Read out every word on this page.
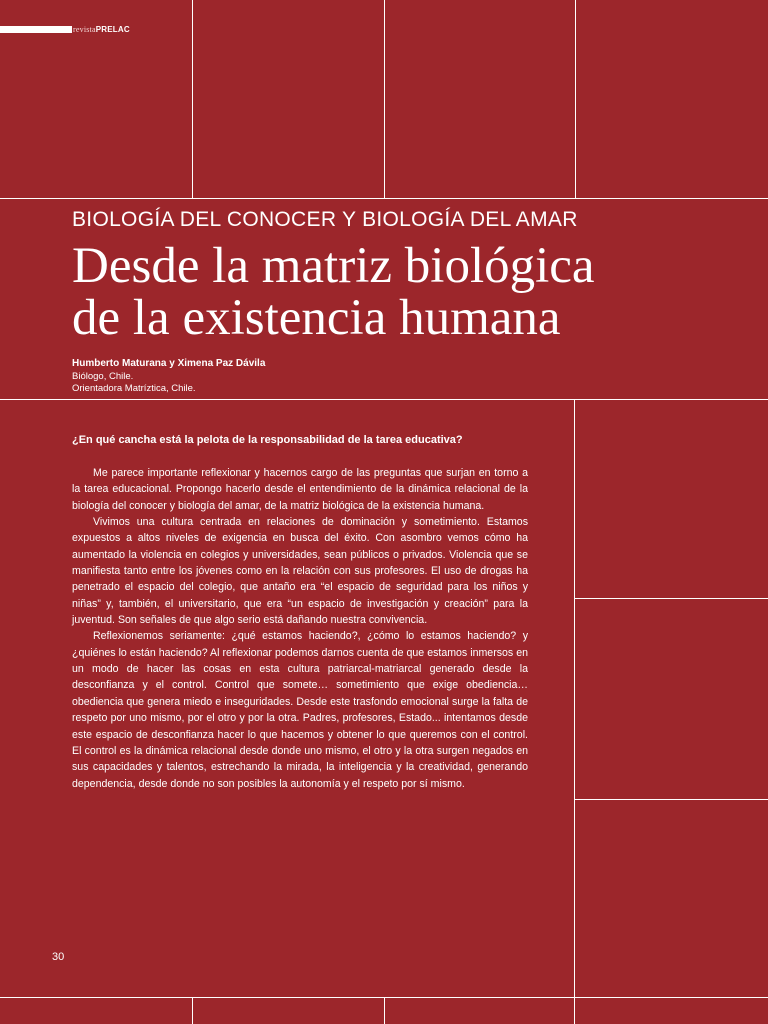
revistaPRELAC
BIOLOGÍA DEL CONOCER Y BIOLOGÍA DEL AMAR
Desde la matriz biológica
de la existencia humana
Humberto Maturana y Ximena Paz Dávila
Biólogo, Chile.
Orientadora Matríztica, Chile.
¿En qué cancha está la pelota de la responsabilidad de la tarea educativa?

Me parece importante reflexionar y hacernos cargo de las preguntas que surjan en torno a la tarea educacional. Propongo hacerlo desde el entendimiento de la dinámica relacional de la biología del conocer y biología del amar, de la matriz biológica de la existencia humana.

Vivimos una cultura centrada en relaciones de dominación y sometimiento. Estamos expuestos a altos niveles de exigencia en busca del éxito. Con asombro vemos cómo ha aumentado la violencia en colegios y universidades, sean públicos o privados. Violencia que se manifiesta tanto entre los jóvenes como en la relación con sus profesores. El uso de drogas ha penetrado el espacio del colegio, que antaño era “el espacio de seguridad para los niños y niñas” y, también, el universitario, que era “un espacio de investigación y creación” para la juventud. Son señales de que algo serio está dañando nuestra convivencia.

Reflexionemos seriamente: ¿qué estamos haciendo?, ¿cómo lo estamos haciendo? y ¿quiénes lo están haciendo? Al reflexionar podemos darnos cuenta de que estamos inmersos en un modo de hacer las cosas en esta cultura patriarcal-matriarcal generado desde la desconfianza y el control. Control que somete… sometimiento que exige obediencia… obediencia que genera miedo e inseguridades. Desde este trasfondo emocional surge la falta de respeto por uno mismo, por el otro y por la otra. Padres, profesores, Estado... intentamos desde este espacio de desconfianza hacer lo que hacemos y obtener lo que queremos con el control. El control es la dinámica relacional desde donde uno mismo, el otro y la otra surgen negados en sus capacidades y talentos, estrechando la mirada, la inteligencia y la creatividad, generando dependencia, desde donde no son posibles la autonomía y el respeto por sí mismo.

30
